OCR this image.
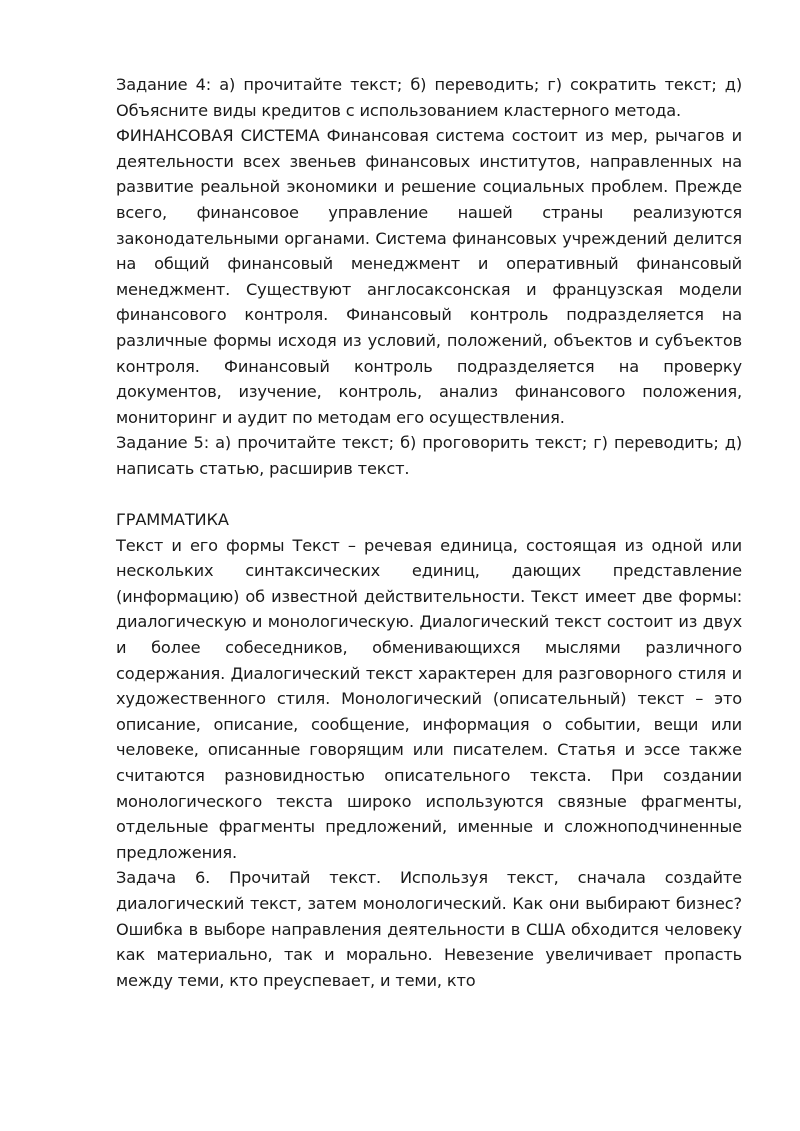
Задание 4: а) прочитайте текст; б) переводить; г) сократить текст; д) Объясните виды кредитов с использованием кластерного метода.

ФИНАНСОВАЯ СИСТЕМА Финансовая система состоит из мер, рычагов и деятельности всех звеньев финансовых институтов, направленных на развитие реальной экономики и решение социальных проблем. Прежде всего, финансовое управление нашей страны реализуются законодательными органами. Система финансовых учреждений делится на общий финансовый менеджмент и оперативный финансовый менеджмент. Существуют англосаксонская и французская модели финансового контроля. Финансовый контроль подразделяется на различные формы исходя из условий, положений, объектов и субъектов контроля. Финансовый контроль подразделяется на проверку документов, изучение, контроль, анализ финансового положения, мониторинг и аудит по методам его осуществления.

Задание 5: а) прочитайте текст; б) проговорить текст; г) переводить; д) написать статью, расширив текст.

ГРАММАТИКА

Текст и его формы Текст – речевая единица, состоящая из одной или нескольких синтаксических единиц, дающих представление (информацию) об известной действительности. Текст имеет две формы: диалогическую и монологическую. Диалогический текст состоит из двух и более собеседников, обменивающихся мыслями различного содержания. Диалогический текст характерен для разговорного стиля и художественного стиля. Монологический (описательный) текст – это описание, описание, сообщение, информация о событии, вещи или человеке, описанные говорящим или писателем. Статья и эссе также считаются разновидностью описательного текста. При создании монологического текста широко используются связные фрагменты, отдельные фрагменты предложений, именные и сложноподчиненные предложения.

Задача 6. Прочитай текст. Используя текст, сначала создайте диалогический текст, затем монологический. Как они выбирают бизнес? Ошибка в выборе направления деятельности в США обходится человеку как материально, так и морально. Невезение увеличивает пропасть между теми, кто преуспевает, и теми, кто
